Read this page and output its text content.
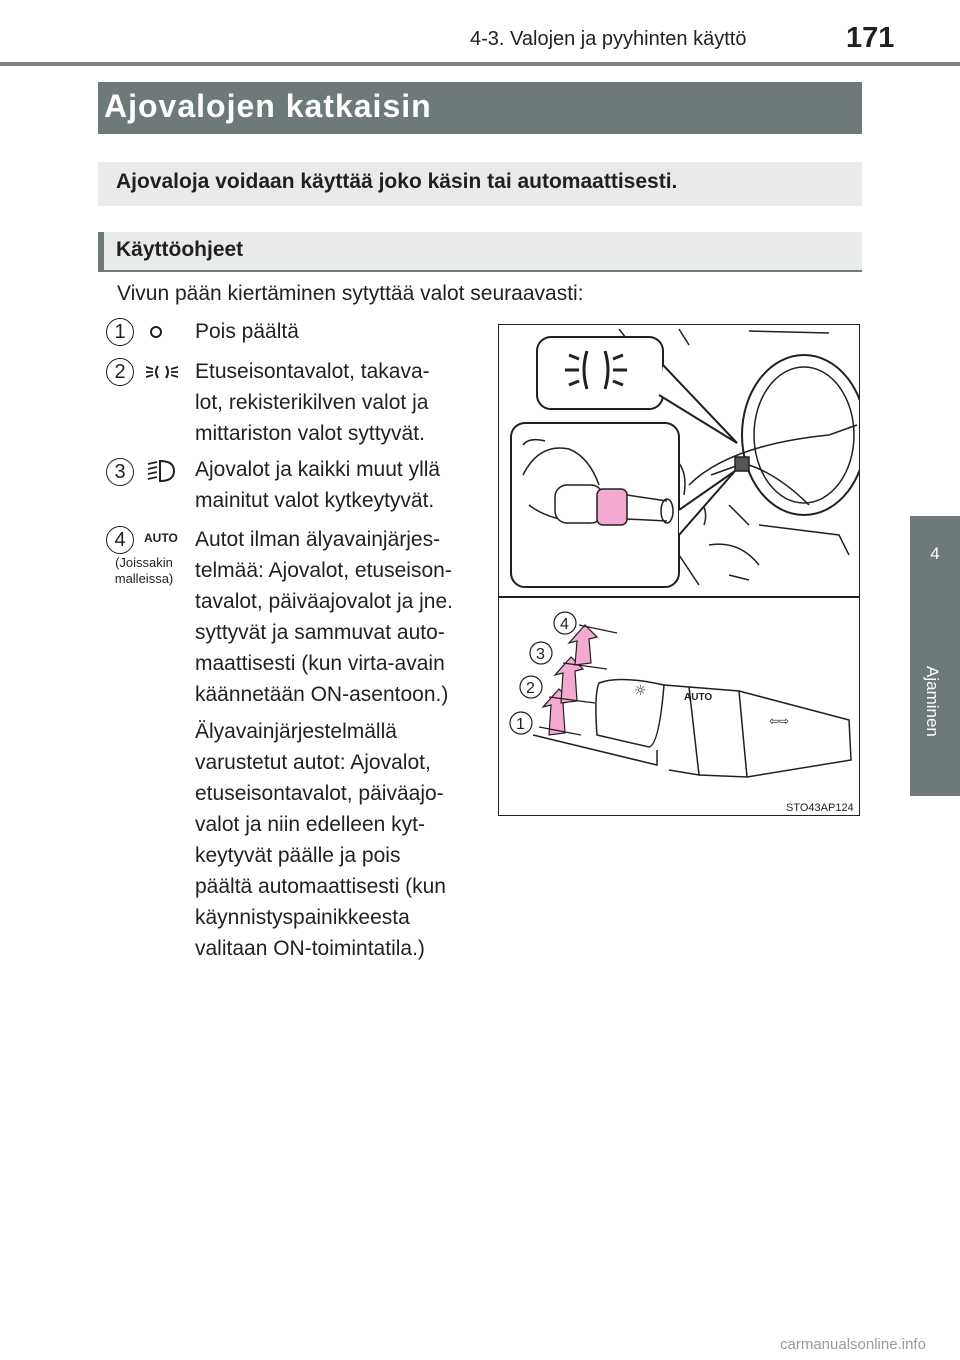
4-3. Valojen ja pyyhinten käyttö	171
4
Ajaminen
Ajovalojen katkaisin
Ajovaloja voidaan käyttää joko käsin tai automaattisesti.
Käyttöohjeet
Vivun pään kiertäminen sytyttää valot seuraavasti:
1	Pois päältä
2	Etuseisontavalot, takava-
lot, rekisterikilven valot ja
mittariston valot syttyvät.
3	Ajovalot ja kaikki muut yllä
mainitut valot kytkeytyvät.
4	AUTO
(Joissakin
malleissa)
Autot ilman älyavainjärjes-
telmää: Ajovalot, etuseison-
tavalot, päiväajovalot ja jne.
syttyvät ja sammuvat auto-
maattisesti (kun virta-avain
käännetään ON-asentoon.)
Älyavainjärjestelmällä
varustetut autot: Ajovalot,
etuseisontavalot, päiväajo-
valot ja niin edelleen kyt-
keytyvät päälle ja pois
päältä automaattisesti (kun
käynnistyspainikkeesta
valitaan ON-toimintatila.)
☼	AUTO
⇦⇨
1
2
3
4
STO43AP124
carmanualsonline.info
